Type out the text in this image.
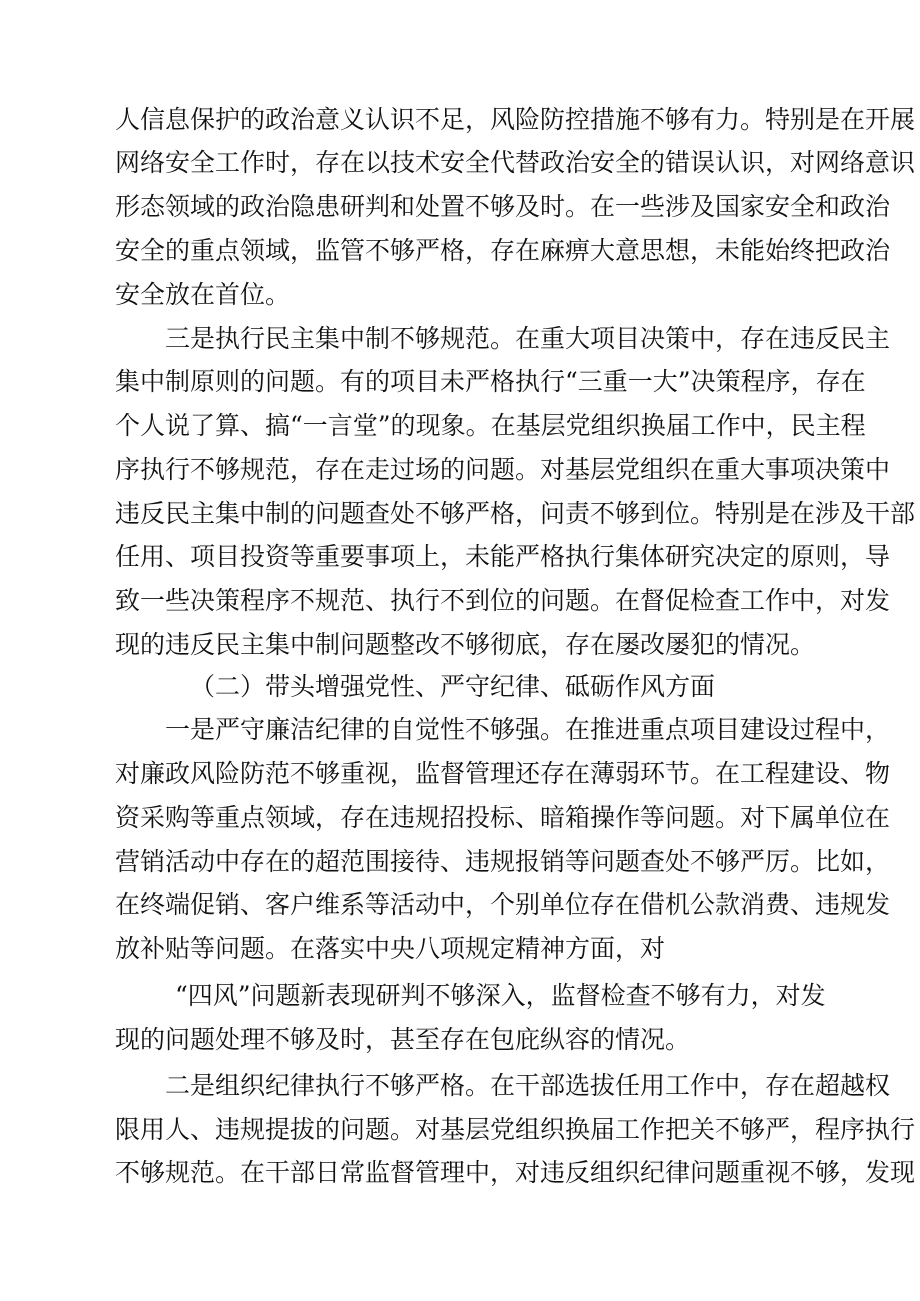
人信息保护的政治意义认识不足，风险防控措施不够有力。特别是在开展
网络安全工作时，存在以技术安全代替政治安全的错误认识，对网络意识
形态领域的政治隐患研判和处置不够及时。在一些涉及国家安全和政治
安全的重点领域，监管不够严格，存在麻痹大意思想，未能始终把政治
安全放在首位。
三是执行民主集中制不够规范。在重大项目决策中，存在违反民主
集中制原则的问题。有的项目未严格执行“三重一大”决策程序，存在
个人说了算、搞“一言堂”的现象。在基层党组织换届工作中，民主程
序执行不够规范，存在走过场的问题。对基层党组织在重大事项决策中
违反民主集中制的问题查处不够严格，问责不够到位。特别是在涉及干部
任用、项目投资等重要事项上，未能严格执行集体研究决定的原则，导
致一些决策程序不规范、执行不到位的问题。在督促检查工作中，对发
现的违反民主集中制问题整改不够彻底，存在屡改屡犯的情况。
（二）带头增强党性、严守纪律、砥砺作风方面
一是严守廉洁纪律的自觉性不够强。在推进重点项目建设过程中，
对廉政风险防范不够重视，监督管理还存在薄弱环节。在工程建设、物
资采购等重点领域，存在违规招投标、暗箱操作等问题。对下属单位在
营销活动中存在的超范围接待、违规报销等问题查处不够严厉。比如，
在终端促销、客户维系等活动中，个别单位存在借机公款消费、违规发
放补贴等问题。在落实中央八项规定精神方面，对
“四风”问题新表现研判不够深入，监督检查不够有力，对发
现的问题处理不够及时，甚至存在包庇纵容的情况。
二是组织纪律执行不够严格。在干部选拔任用工作中，存在超越权
限用人、违规提拔的问题。对基层党组织换届工作把关不够严，程序执行
不够规范。在干部日常监督管理中，对违反组织纪律问题重视不够，发现
